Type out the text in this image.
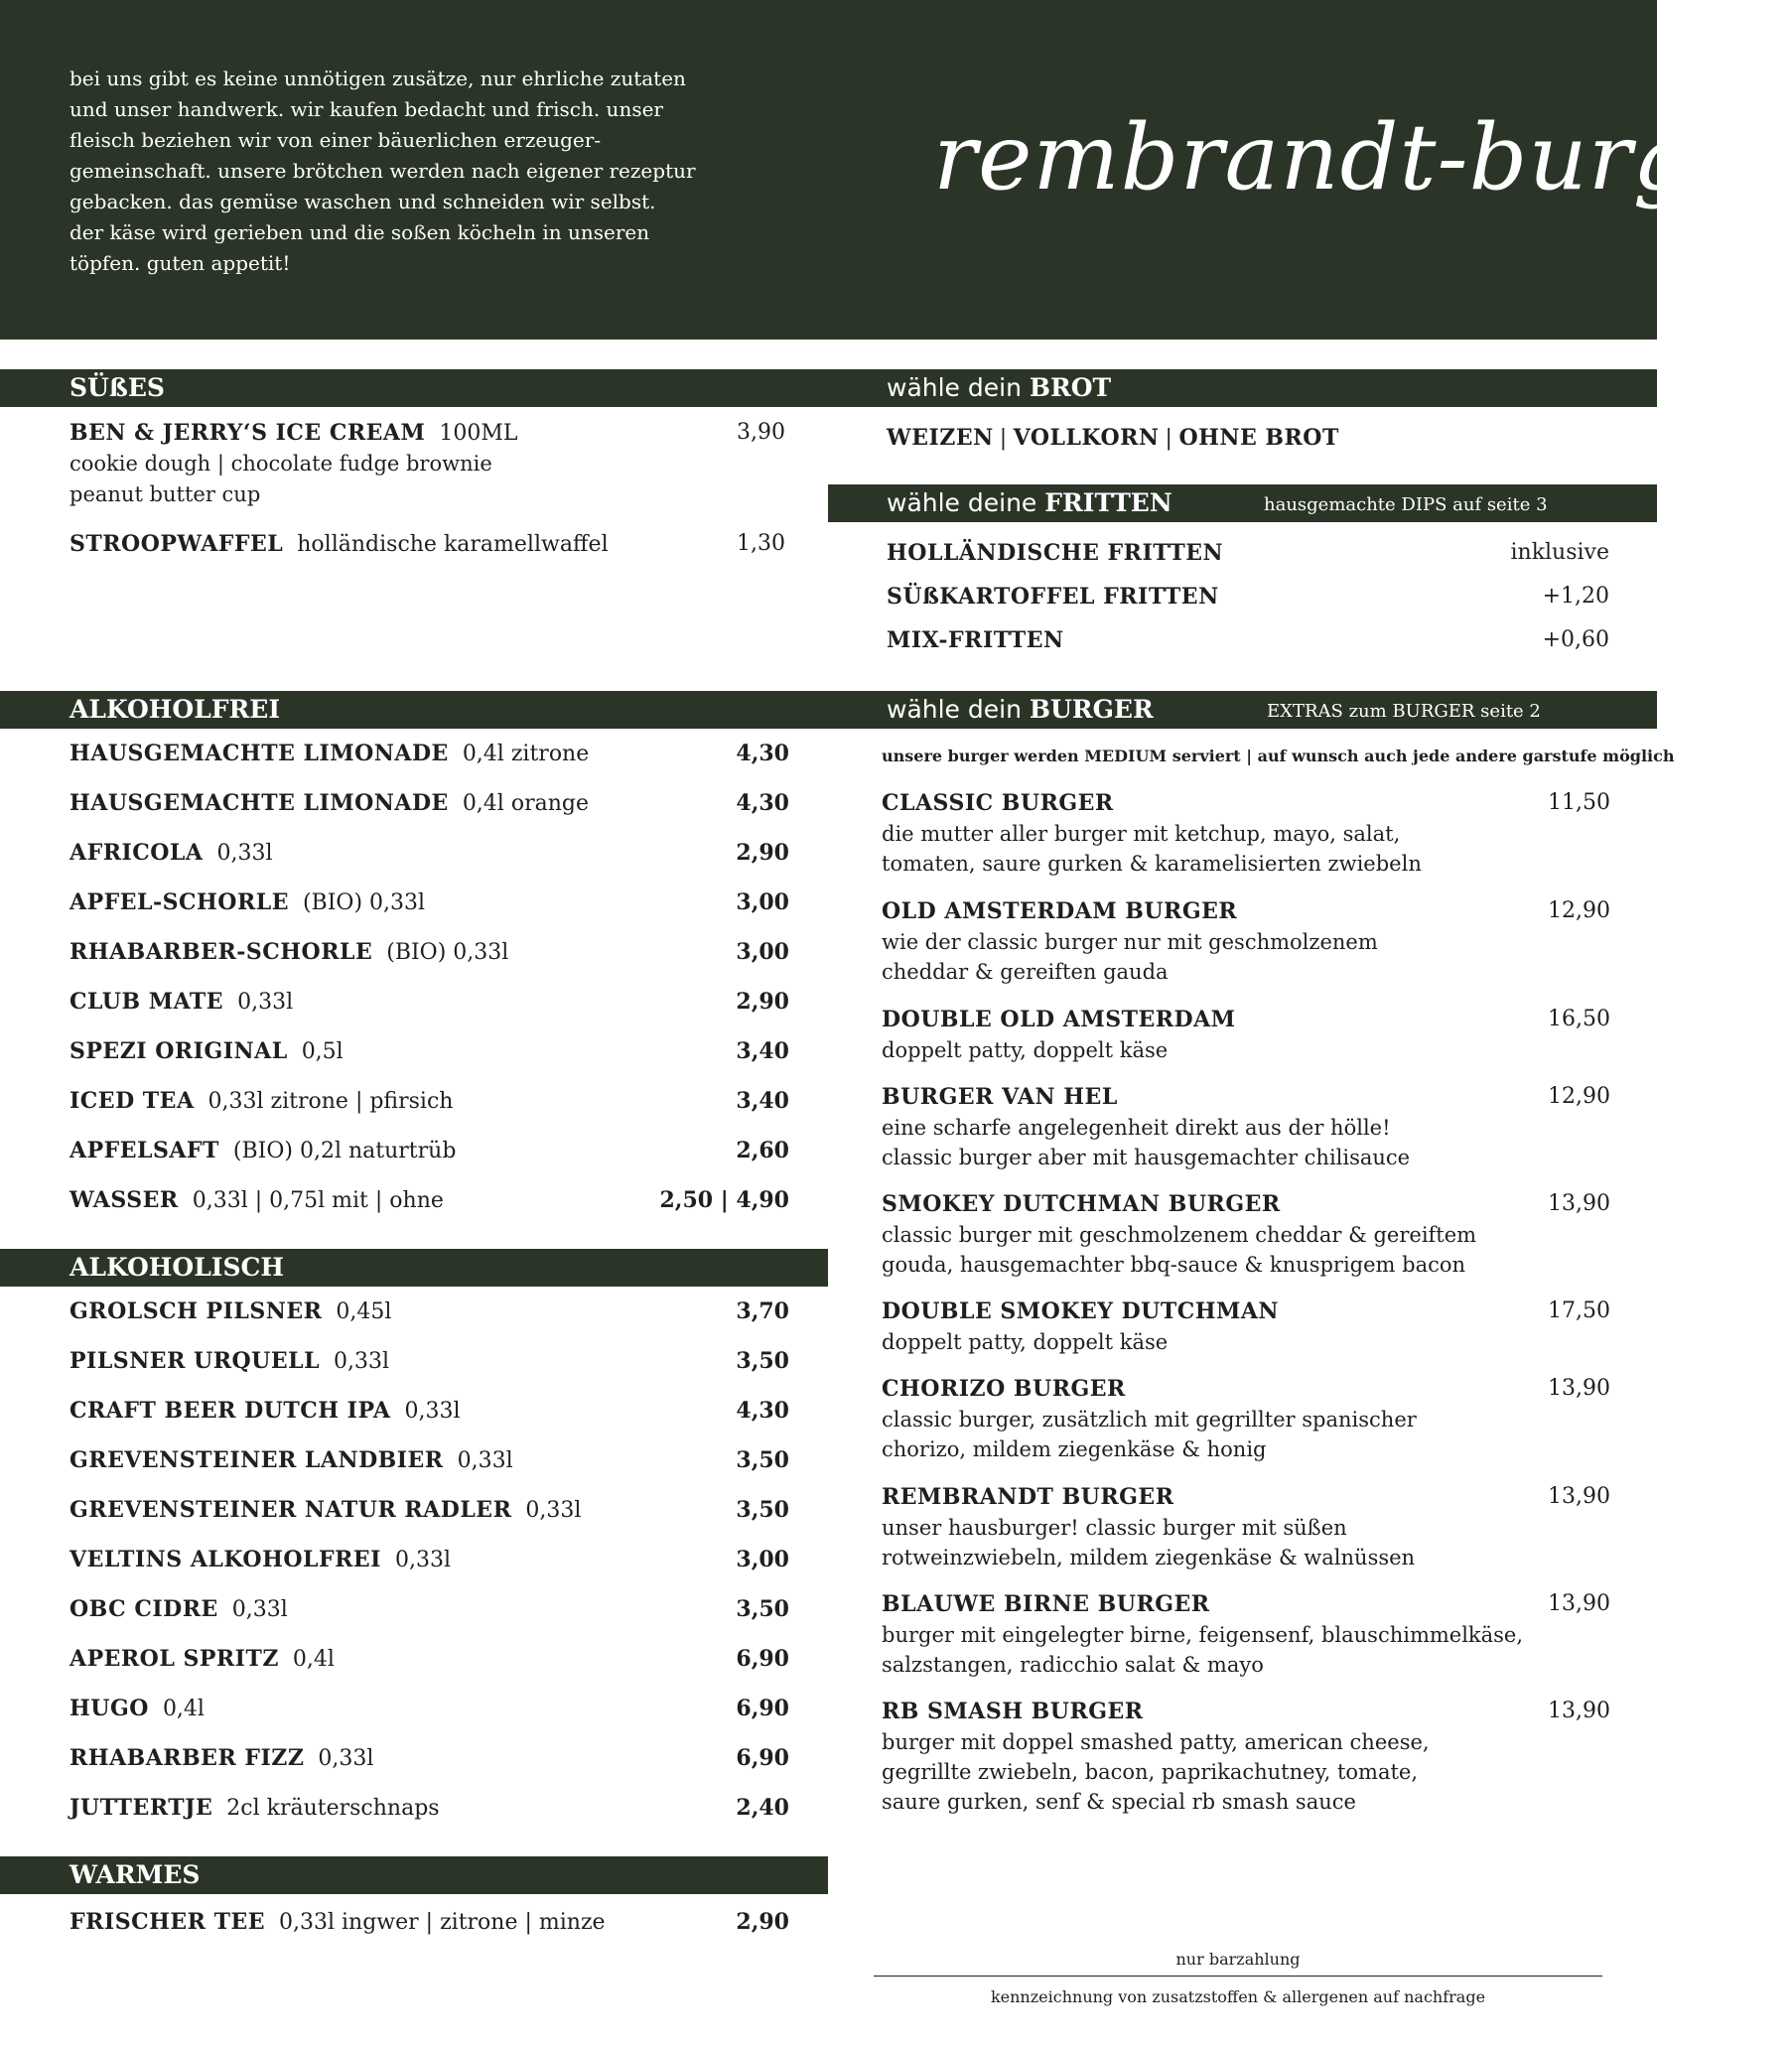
bei uns gibt es keine unnötigen zusätze, nur ehrliche zutaten
und unser handwerk. wir kaufen bedacht und frisch. unser
fleisch beziehen wir von einer bäuerlichen erzeuger-
gemeinschaft. unsere brötchen werden nach eigener rezeptur
gebacken. das gemüse waschen und schneiden wir selbst.
der käse wird gerieben und die soßen köcheln in unseren
töpfen. guten appetit!
rembrandt-burger
SÜßES
BEN & JERRY‘S ICE CREAM 100ML	3,90
cookie dough | chocolate fudge brownie
peanut butter cup
STROOPWAFFEL holländische karamellwaffel	1,30
wähle dein BROT
WEIZEN | VOLLKORN | OHNE BROT
wähle deine FRITTEN	hausgemachte DIPS auf seite 3
HOLLÄNDISCHE FRITTEN	inklusive
SÜßKARTOFFEL FRITTEN	+1,20
MIX-FRITTEN	+0,60
ALKOHOLFREI
HAUSGEMACHTE LIMONADE 0,4l zitrone	4,30
HAUSGEMACHTE LIMONADE 0,4l orange	4,30
AFRICOLA 0,33l	2,90
APFEL-SCHORLE (BIO) 0,33l	3,00
RHABARBER-SCHORLE (BIO) 0,33l	3,00
CLUB MATE 0,33l	2,90
SPEZI ORIGINAL 0,5l	3,40
ICED TEA 0,33l zitrone | pfirsich	3,40
APFELSAFT (BIO) 0,2l naturtrüb	2,60
WASSER 0,33l | 0,75l mit | ohne	2,50 | 4,90
ALKOHOLISCH
GROLSCH PILSNER 0,45l	3,70
PILSNER URQUELL 0,33l	3,50
CRAFT BEER DUTCH IPA 0,33l	4,30
GREVENSTEINER LANDBIER 0,33l	3,50
GREVENSTEINER NATUR RADLER 0,33l	3,50
VELTINS ALKOHOLFREI 0,33l	3,00
OBC CIDRE 0,33l	3,50
APEROL SPRITZ 0,4l	6,90
HUGO 0,4l	6,90
RHABARBER FIZZ 0,33l	6,90
JUTTERTJE 2cl kräuterschnaps	2,40
WARMES
FRISCHER TEE 0,33l ingwer | zitrone | minze	2,90
wähle dein BURGER	EXTRAS zum BURGER seite 2
unsere burger werden MEDIUM serviert | auf wunsch auch jede andere garstufe möglich
CLASSIC BURGER	11,50
die mutter aller burger mit ketchup, mayo, salat,
tomaten, saure gurken & karamelisierten zwiebeln
OLD AMSTERDAM BURGER	12,90
wie der classic burger nur mit geschmolzenem
cheddar & gereiften gauda
DOUBLE OLD AMSTERDAM	16,50
doppelt patty, doppelt käse
BURGER VAN HEL	12,90
eine scharfe angelegenheit direkt aus der hölle!
classic burger aber mit hausgemachter chilisauce
SMOKEY DUTCHMAN BURGER	13,90
classic burger mit geschmolzenem cheddar & gereiftem
gouda, hausgemachter bbq-sauce & knusprigem bacon
DOUBLE SMOKEY DUTCHMAN	17,50
doppelt patty, doppelt käse
CHORIZO BURGER	13,90
classic burger, zusätzlich mit gegrillter spanischer
chorizo, mildem ziegenkäse & honig
REMBRANDT BURGER	13,90
unser hausburger! classic burger mit süßen
rotweinzwiebeln, mildem ziegenkäse & walnüssen
BLAUWE BIRNE BURGER	13,90
burger mit eingelegter birne, feigensenf, blauschimmelkäse,
salzstangen, radicchio salat & mayo
RB SMASH BURGER	13,90
burger mit doppel smashed patty, american cheese,
gegrillte zwiebeln, bacon, paprikachutney, tomate,
saure gurken, senf & special rb smash sauce
nur barzahlung
kennzeichnung von zusatzstoffen & allergenen auf nachfrage
